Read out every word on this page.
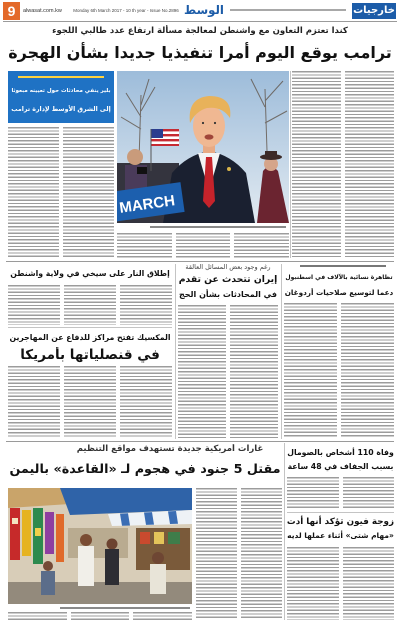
خارجيات
9	alwasat.com.kw	Monday 6th March 2017 - 10 th year - Issue No.2896 الوسط
كندا تعتزم التعاون مع واشنطن لمعالجة مسألة ارتفاع عدد طالبي اللجوء
ترامب يوقع اليوم أمرا تنفيذيا جديدا بشأن الهجرة
بلير ينفي محادثات حول تعيينه مبعوثا
إلى الشرق الأوسط لإدارة ترامب
MARCH
تظاهرة نسائية بالآلاف في اسطنبول
دعما لتوسيع صلاحيات أردوغان
رغم وجود بعض المسائل العالقة
إيران تتحدث عن تقدم
في المحادثات بشأن الحج
إطلاق النار على سيخي في ولاية واشنطن
المكسيك تفتح مراكز للدفاع عن المهاجرين
في قنصلياتها بأمريكا
غارات أمريكية جديدة تستهدف مواقع التنظيم
مقتل 5 جنود في هجوم لـ «القاعدة» باليمن
وفاة 110 أشخاص بالصومال
بسبب الجفاف في 48 ساعة
زوجة فيون تؤكد أنها أدت
«مهام شتى» أثناء عملها لديه
